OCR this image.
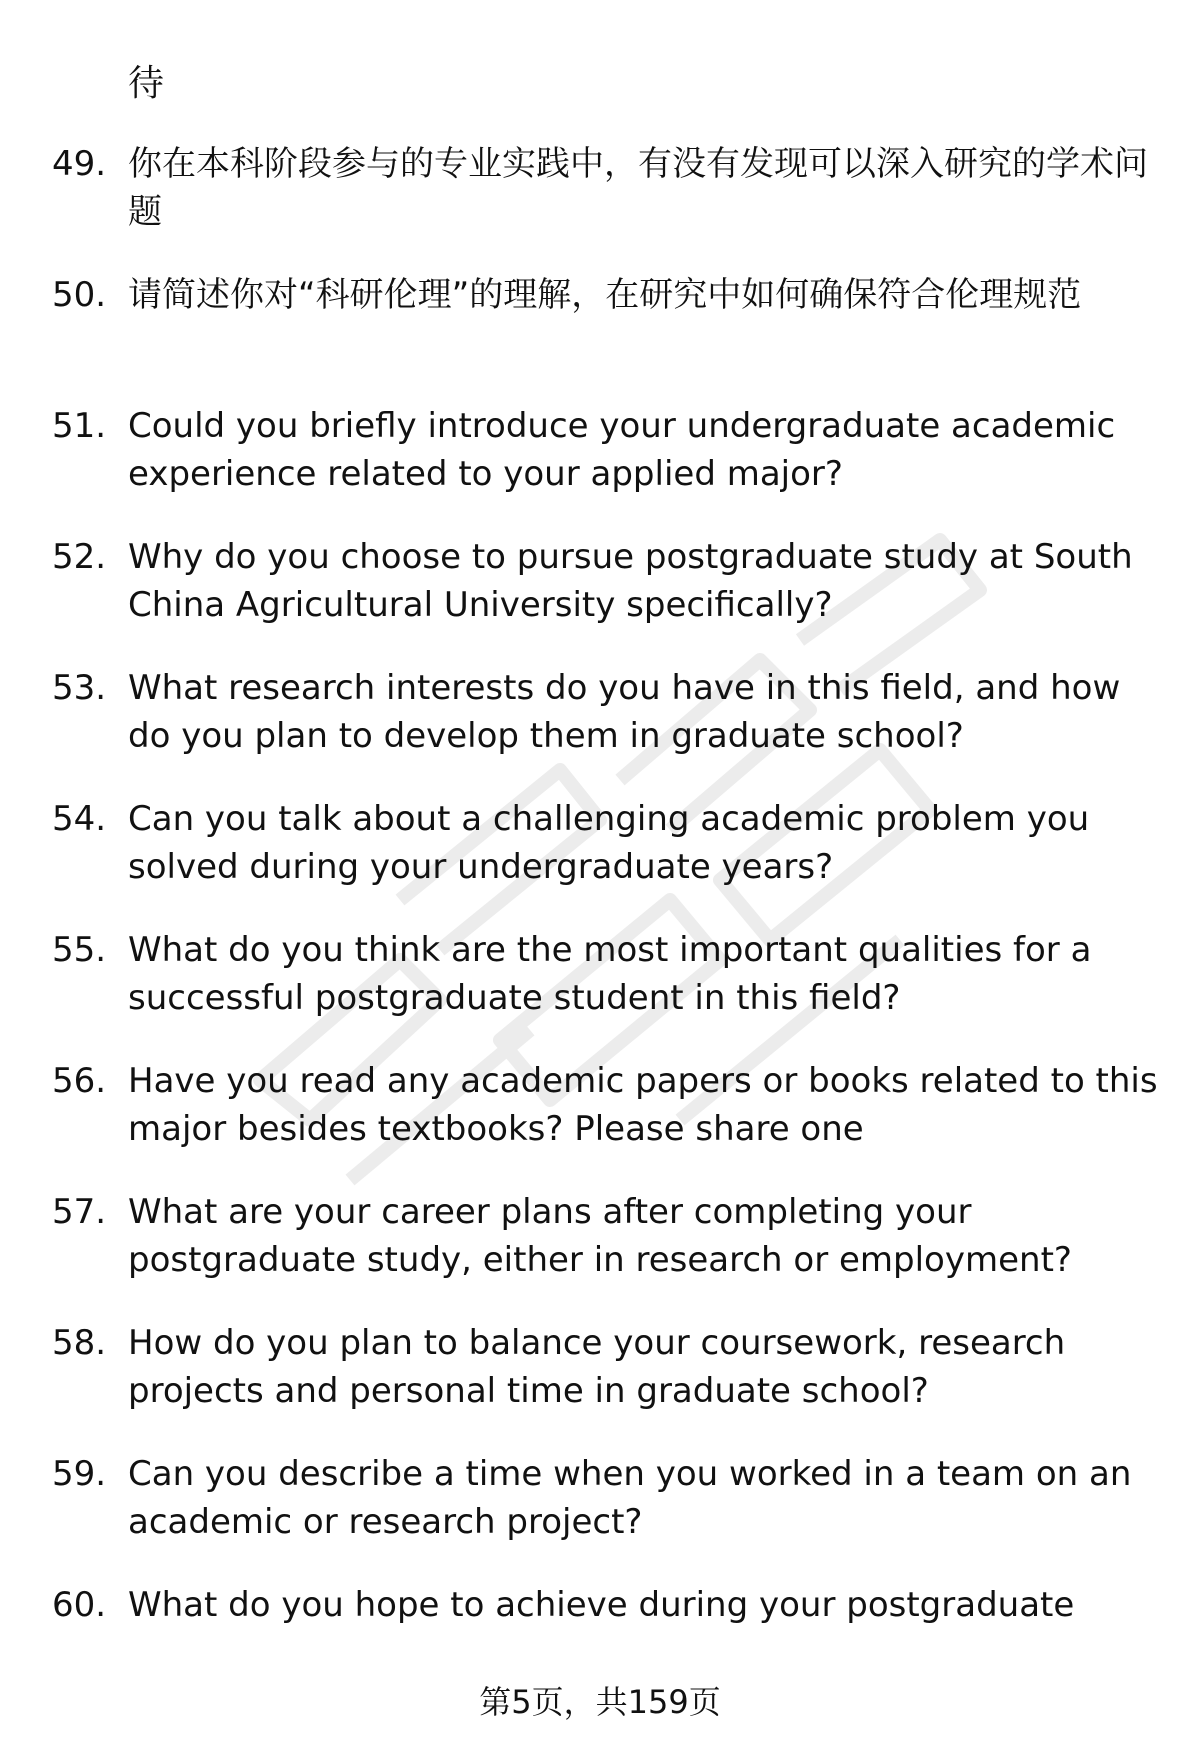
待

49. 你在本科阶段参与的专业实践中，有没有发现可以深入研究的学术问题
50. 请简述你对“科研伦理”的理解，在研究中如何确保符合伦理规范
51. Could you briefly introduce your undergraduate academic experience related to your applied major?
52. Why do you choose to pursue postgraduate study at South China Agricultural University specifically?
53. What research interests do you have in this field, and how do you plan to develop them in graduate school?
54. Can you talk about a challenging academic problem you solved during your undergraduate years?
55. What do you think are the most important qualities for a successful postgraduate student in this field?
56. Have you read any academic papers or books related to this major besides textbooks? Please share one
57. What are your career plans after completing your postgraduate study, either in research or employment?
58. How do you plan to balance your coursework, research projects and personal time in graduate school?
59. Can you describe a time when you worked in a team on an academic or research project?
60. What do you hope to achieve during your postgraduate

第5页，共159页
